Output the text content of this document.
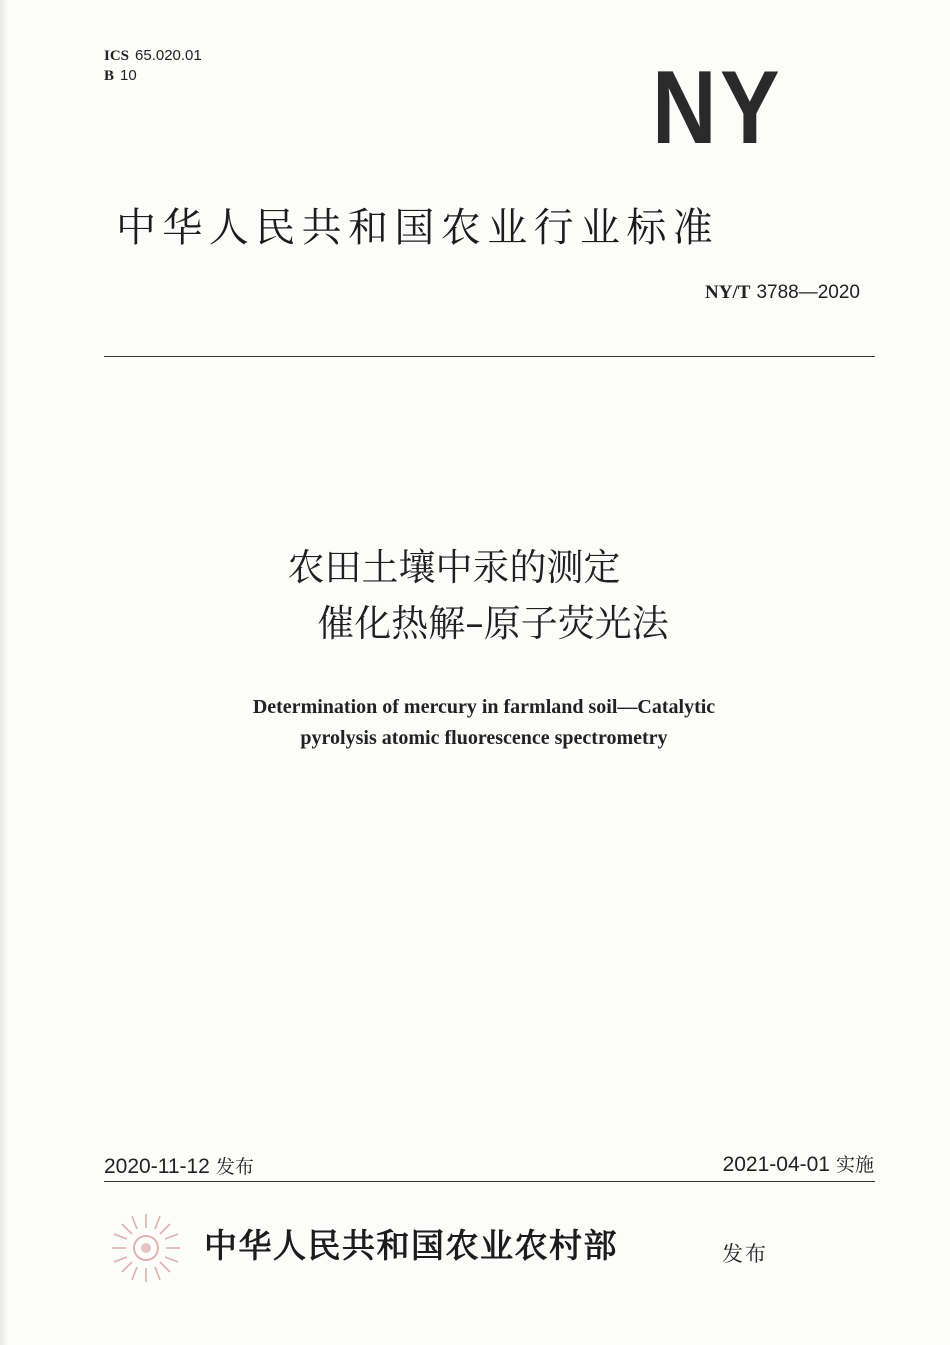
ICS 65.020.01
B 10	NY
中华人民共和国农业行业标准
NY/T 3788—2020
农田土壤中汞的测定
催化热解–原子荧光法
Determination of mercury in farmland soil—Catalytic
pyrolysis atomic fluorescence spectrometry
2020-11-12 发布	2021-04-01 实施
中华人民共和国农业农村部	发布
